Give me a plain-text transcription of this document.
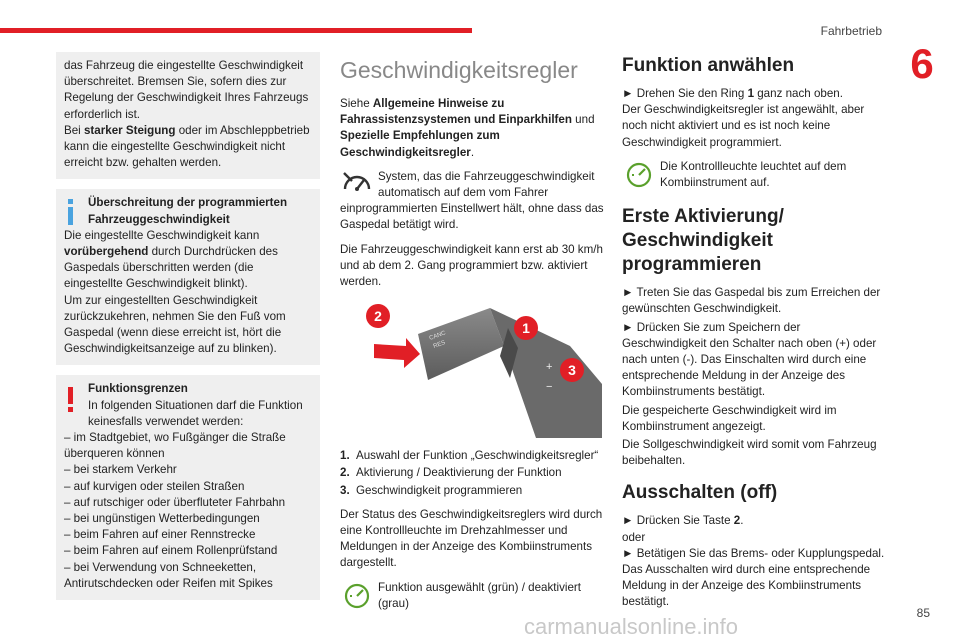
Fahrbetrieb
6

das Fahrzeug die eingestellte Geschwindigkeit
überschreitet. Bremsen Sie, sofern dies zur
Regelung der Geschwindigkeit Ihres Fahrzeugs
erforderlich ist.
Bei starker Steigung oder im Abschleppbetrieb kann die eingestellte Geschwindigkeit nicht erreicht bzw. gehalten werden.

Überschreitung der programmierten Fahrzeuggeschwindigkeit

Die eingestellte Geschwindigkeit kann
vorübergehend durch Durchdrücken des Gaspedals überschritten werden (die eingestellte Geschwindigkeit blinkt).

Um zur eingestellten Geschwindigkeit zurückzukehren, nehmen Sie den Fuß vom Gaspedal (wenn diese erreicht ist, hört die Geschwindigkeitsanzeige auf zu blinken).

Funktionsgrenzen

In folgenden Situationen darf die Funktion keinesfalls verwendet werden:

– im Stadtgebiet, wo Fußgänger die Straße überqueren können
– bei starkem Verkehr
– auf kurvigen oder steilen Straßen
– auf rutschiger oder überfluteter Fahrbahn
– bei ungünstigen Wetterbedingungen
– beim Fahren auf einer Rennstrecke
– beim Fahren auf einem Rollenprüfstand
– bei Verwendung von Schneeketten, Antirutschdecken oder Reifen mit Spikes
Geschwindigkeitsregler

Siehe Allgemeine Hinweise zu Fahrassistenzsystemen und Einparkhilfen und Spezielle Empfehlungen zum Geschwindigkeitsregler.

System, das die Fahrzeuggeschwindigkeit automatisch auf dem vom Fahrer einprogrammierten Einstellwert hält, ohne dass das Gaspedal betätigt wird.

Die Fahrzeuggeschwindigkeit kann erst ab 30 km/h und ab dem 2. Gang programmiert bzw. aktiviert werden.

CANC
RES
+
−
2
1
3
1. Auswahl der Funktion „Geschwindigkeitsregler“
2. Aktivierung / Deaktivierung der Funktion
3. Geschwindigkeit programmieren

Der Status des Geschwindigkeitsreglers wird durch eine Kontrollleuchte im Drehzahlmesser und Meldungen in der Anzeige des Kombiinstruments dargestellt.

Funktion ausgewählt (grün) / deaktiviert (grau)

Funktion anwählen

► Drehen Sie den Ring 1 ganz nach oben.
Der Geschwindigkeitsregler ist angewählt, aber noch nicht aktiviert und es ist noch keine Geschwindigkeit programmiert.

Die Kontrollleuchte leuchtet auf dem Kombiinstrument auf.

Erste Aktivierung/ Geschwindigkeit programmieren

► Treten Sie das Gaspedal bis zum Erreichen der gewünschten Geschwindigkeit.

► Drücken Sie zum Speichern der Geschwindigkeit den Schalter nach oben (+) oder nach unten (-). Das Einschalten wird durch eine entsprechende Meldung in der Anzeige des Kombiinstruments bestätigt.

Die gespeicherte Geschwindigkeit wird im Kombiinstrument angezeigt.

Die Sollgeschwindigkeit wird somit vom Fahrzeug beibehalten.

Ausschalten (off)

► Drücken Sie Taste 2.

oder

► Betätigen Sie das Brems- oder Kupplungspedal.

Das Ausschalten wird durch eine entsprechende Meldung in der Anzeige des Kombiinstruments bestätigt.

85
carmanualsonline.info
